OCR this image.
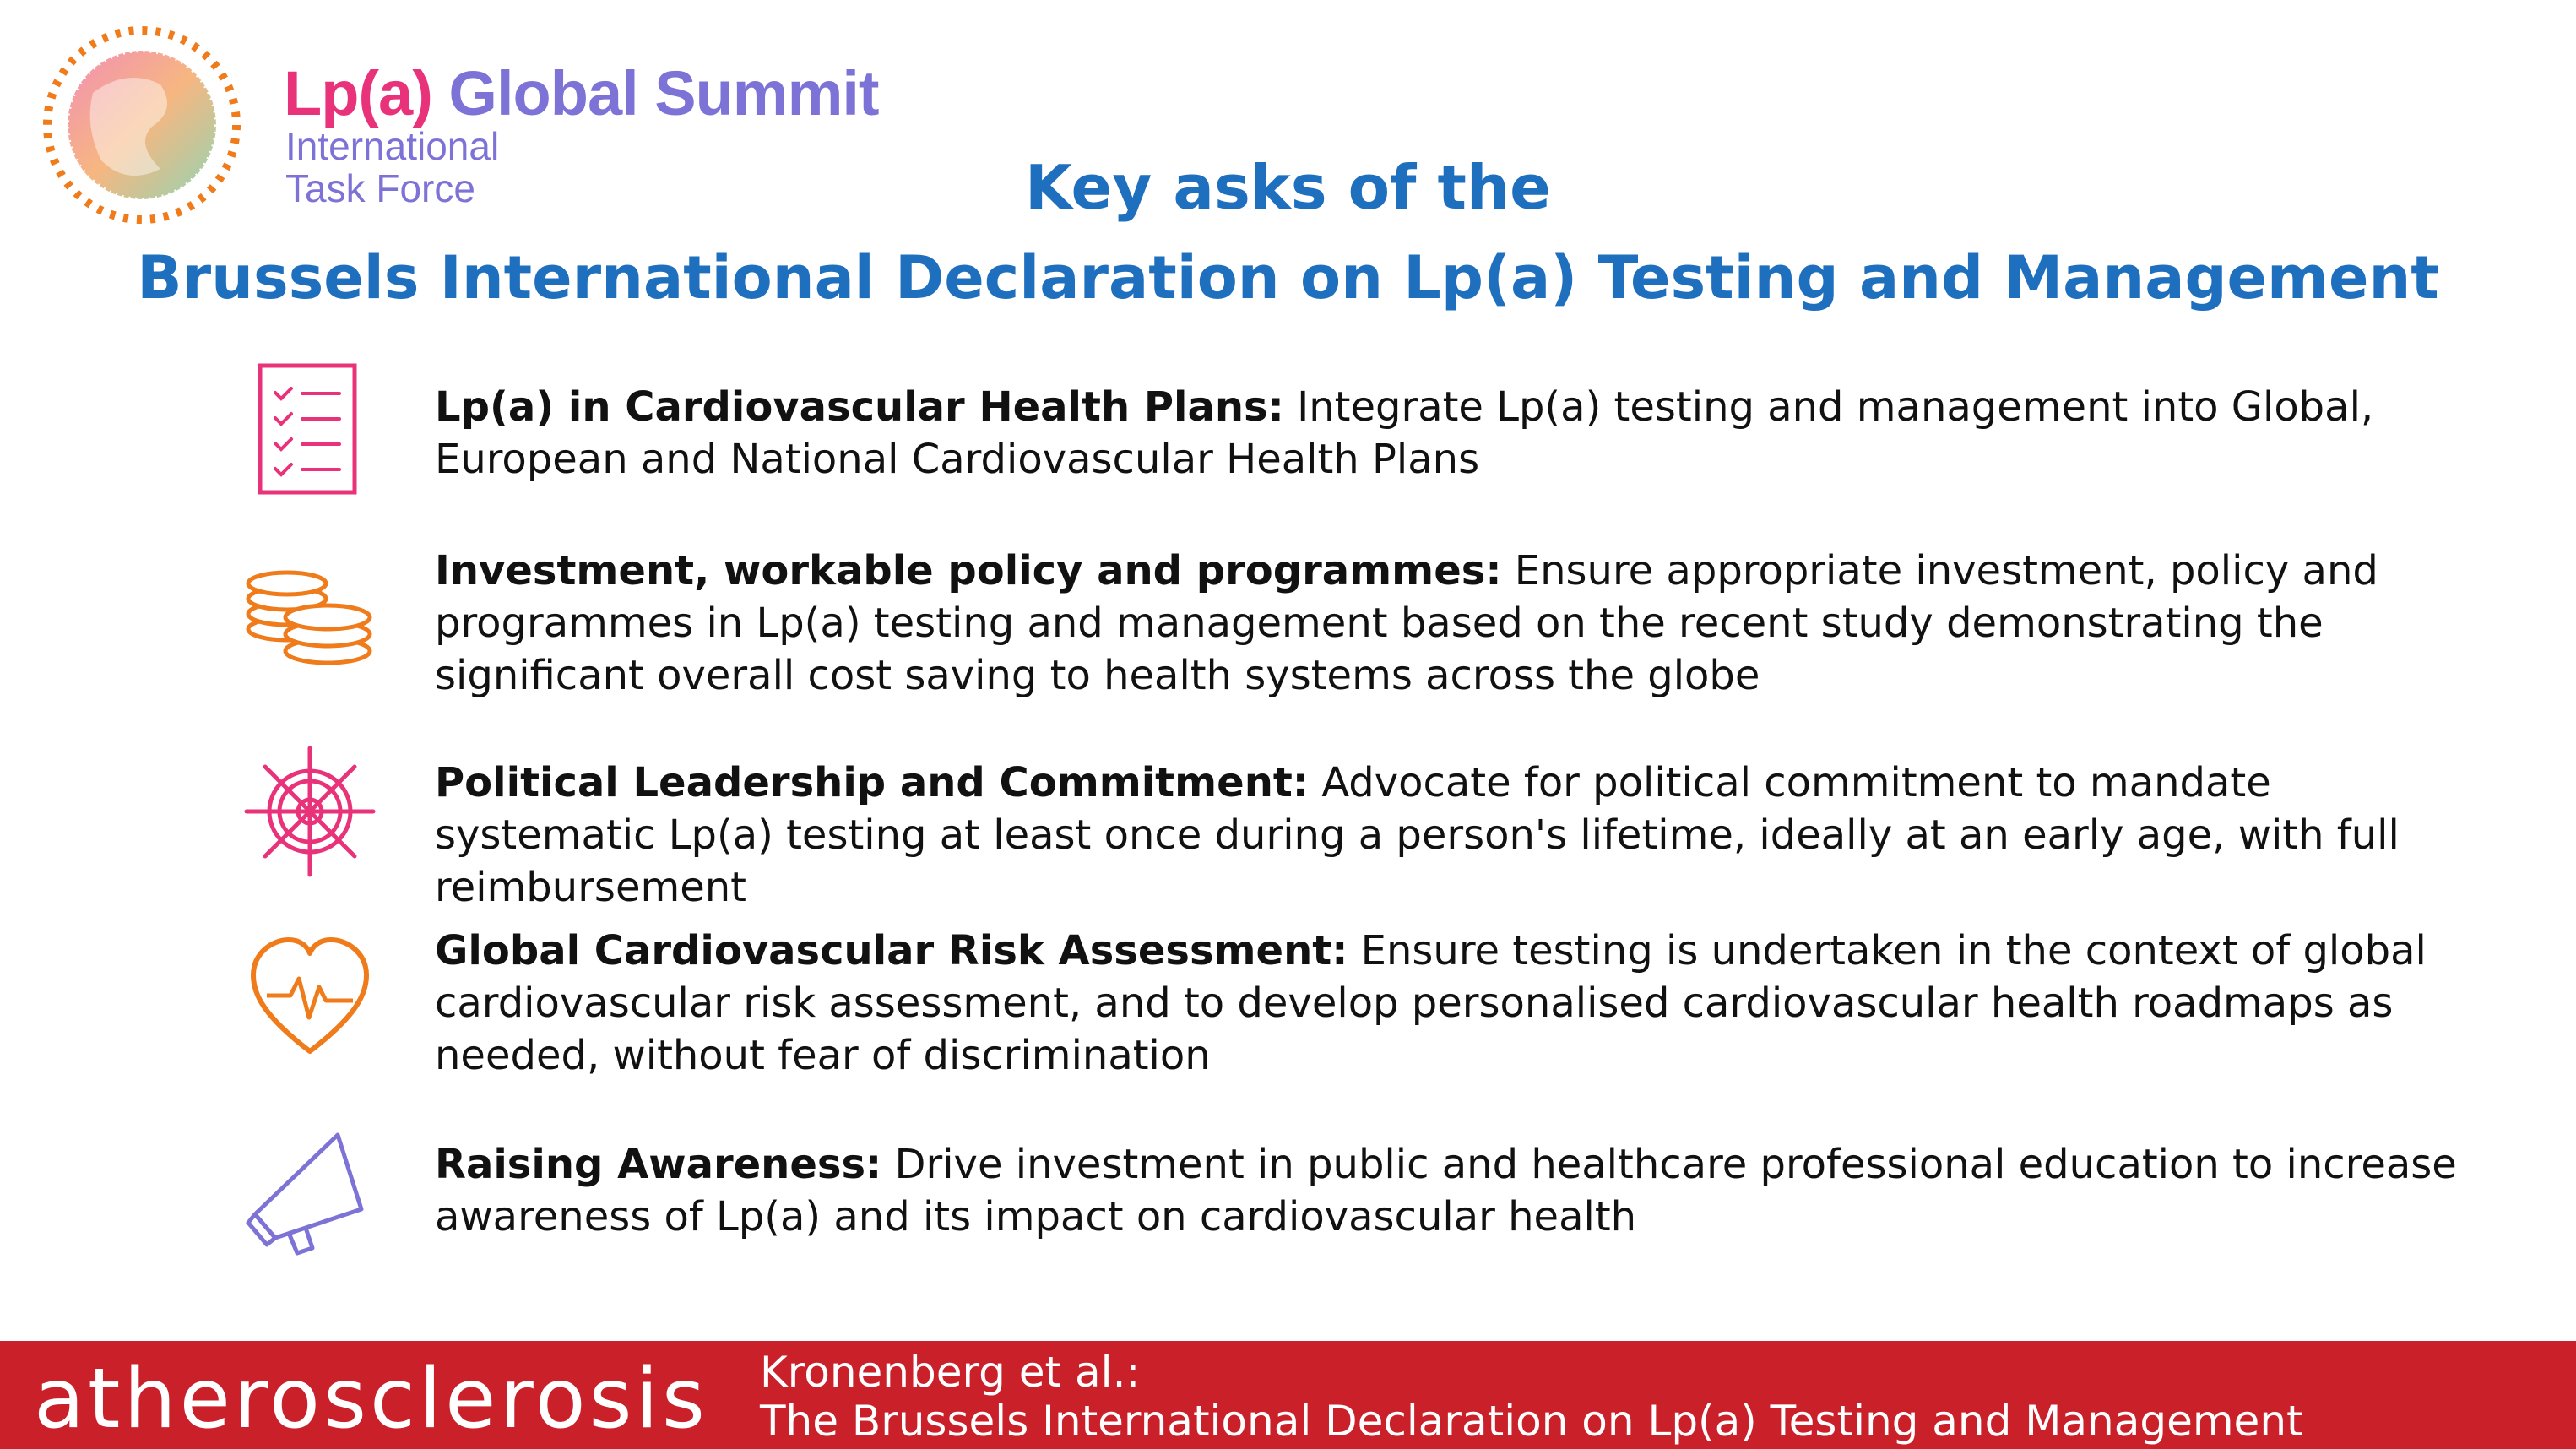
Lp(a) Global Summit
International
Task Force	Key asks of the
Brussels International Declaration on Lp(a) Testing and Management
Lp(a) in Cardiovascular Health Plans: Integrate Lp(a) testing and management into Global, European and National Cardiovascular Health Plans
Investment, workable policy and programmes: Ensure appropriate investment, policy and programmes in Lp(a) testing and management based on the recent study demonstrating the significant overall cost saving to health systems across the globe
Political Leadership and Commitment: Advocate for political commitment to mandate systematic Lp(a) testing at least once during a person's lifetime, ideally at an early age, with full reimbursement
Global Cardiovascular Risk Assessment: Ensure testing is undertaken in the context of global cardiovascular risk assessment, and to develop personalised cardiovascular health roadmaps as needed, without fear of discrimination
Raising Awareness: Drive investment in public and healthcare professional education to increase awareness of Lp(a) and its impact on cardiovascular health
atherosclerosis Kronenberg et al.:
The Brussels International Declaration on Lp(a) Testing and Management
